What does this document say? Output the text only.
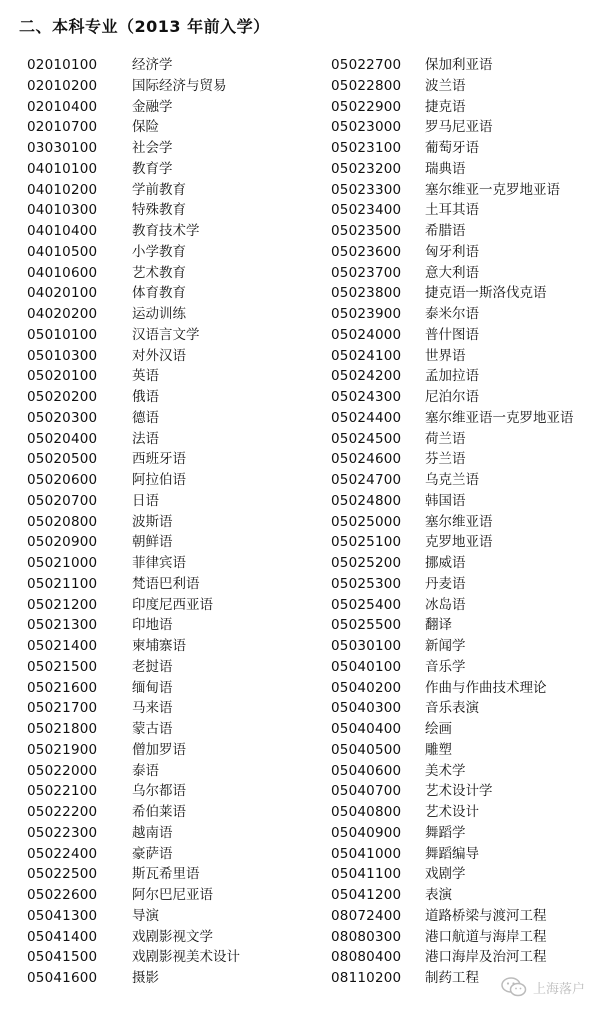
二、本科专业（2013 年前入学）
02010100	经济学
02010200	国际经济与贸易
02010400	金融学
02010700	保险
03030100	社会学
04010100	教育学
04010200	学前教育
04010300	特殊教育
04010400	教育技术学
04010500	小学教育
04010600	艺术教育
04020100	体育教育
04020200	运动训练
05010100	汉语言文学
05010300	对外汉语
05020100	英语
05020200	俄语
05020300	德语
05020400	法语
05020500	西班牙语
05020600	阿拉伯语
05020700	日语
05020800	波斯语
05020900	朝鲜语
05021000	菲律宾语
05021100	梵语巴利语
05021200	印度尼西亚语
05021300	印地语
05021400	柬埔寨语
05021500	老挝语
05021600	缅甸语
05021700	马来语
05021800	蒙古语
05021900	僧加罗语
05022000	泰语
05022100	乌尔都语
05022200	希伯莱语
05022300	越南语
05022400	豪萨语
05022500	斯瓦希里语
05022600	阿尔巴尼亚语
05041300	导演
05041400	戏剧影视文学
05041500	戏剧影视美术设计
05041600	摄影
05022700 保加利亚语
05022800 波兰语
05022900 捷克语
05023000 罗马尼亚语
05023100 葡萄牙语
05023200 瑞典语
05023300 塞尔维亚一克罗地亚语
05023400 土耳其语
05023500 希腊语
05023600 匈牙利语
05023700 意大利语
05023800 捷克语一斯洛伐克语
05023900 泰米尔语
05024000 普什图语
05024100 世界语
05024200 孟加拉语
05024300 尼泊尔语
05024400 塞尔维亚语一克罗地亚语
05024500 荷兰语
05024600 芬兰语
05024700 乌克兰语
05024800 韩国语
05025000 塞尔维亚语
05025100 克罗地亚语
05025200 挪威语
05025300 丹麦语
05025400 冰岛语
05025500 翻译
05030100 新闻学
05040100 音乐学
05040200 作曲与作曲技术理论
05040300 音乐表演
05040400 绘画
05040500 雕塑
05040600 美术学
05040700 艺术设计学
05040800 艺术设计
05040900 舞蹈学
05041000 舞蹈编导
05041100 戏剧学
05041200 表演
08072400 道路桥梁与渡河工程
08080300 港口航道与海岸工程
08080400 港口海岸及治河工程
08110200 制药工程
上海落户
